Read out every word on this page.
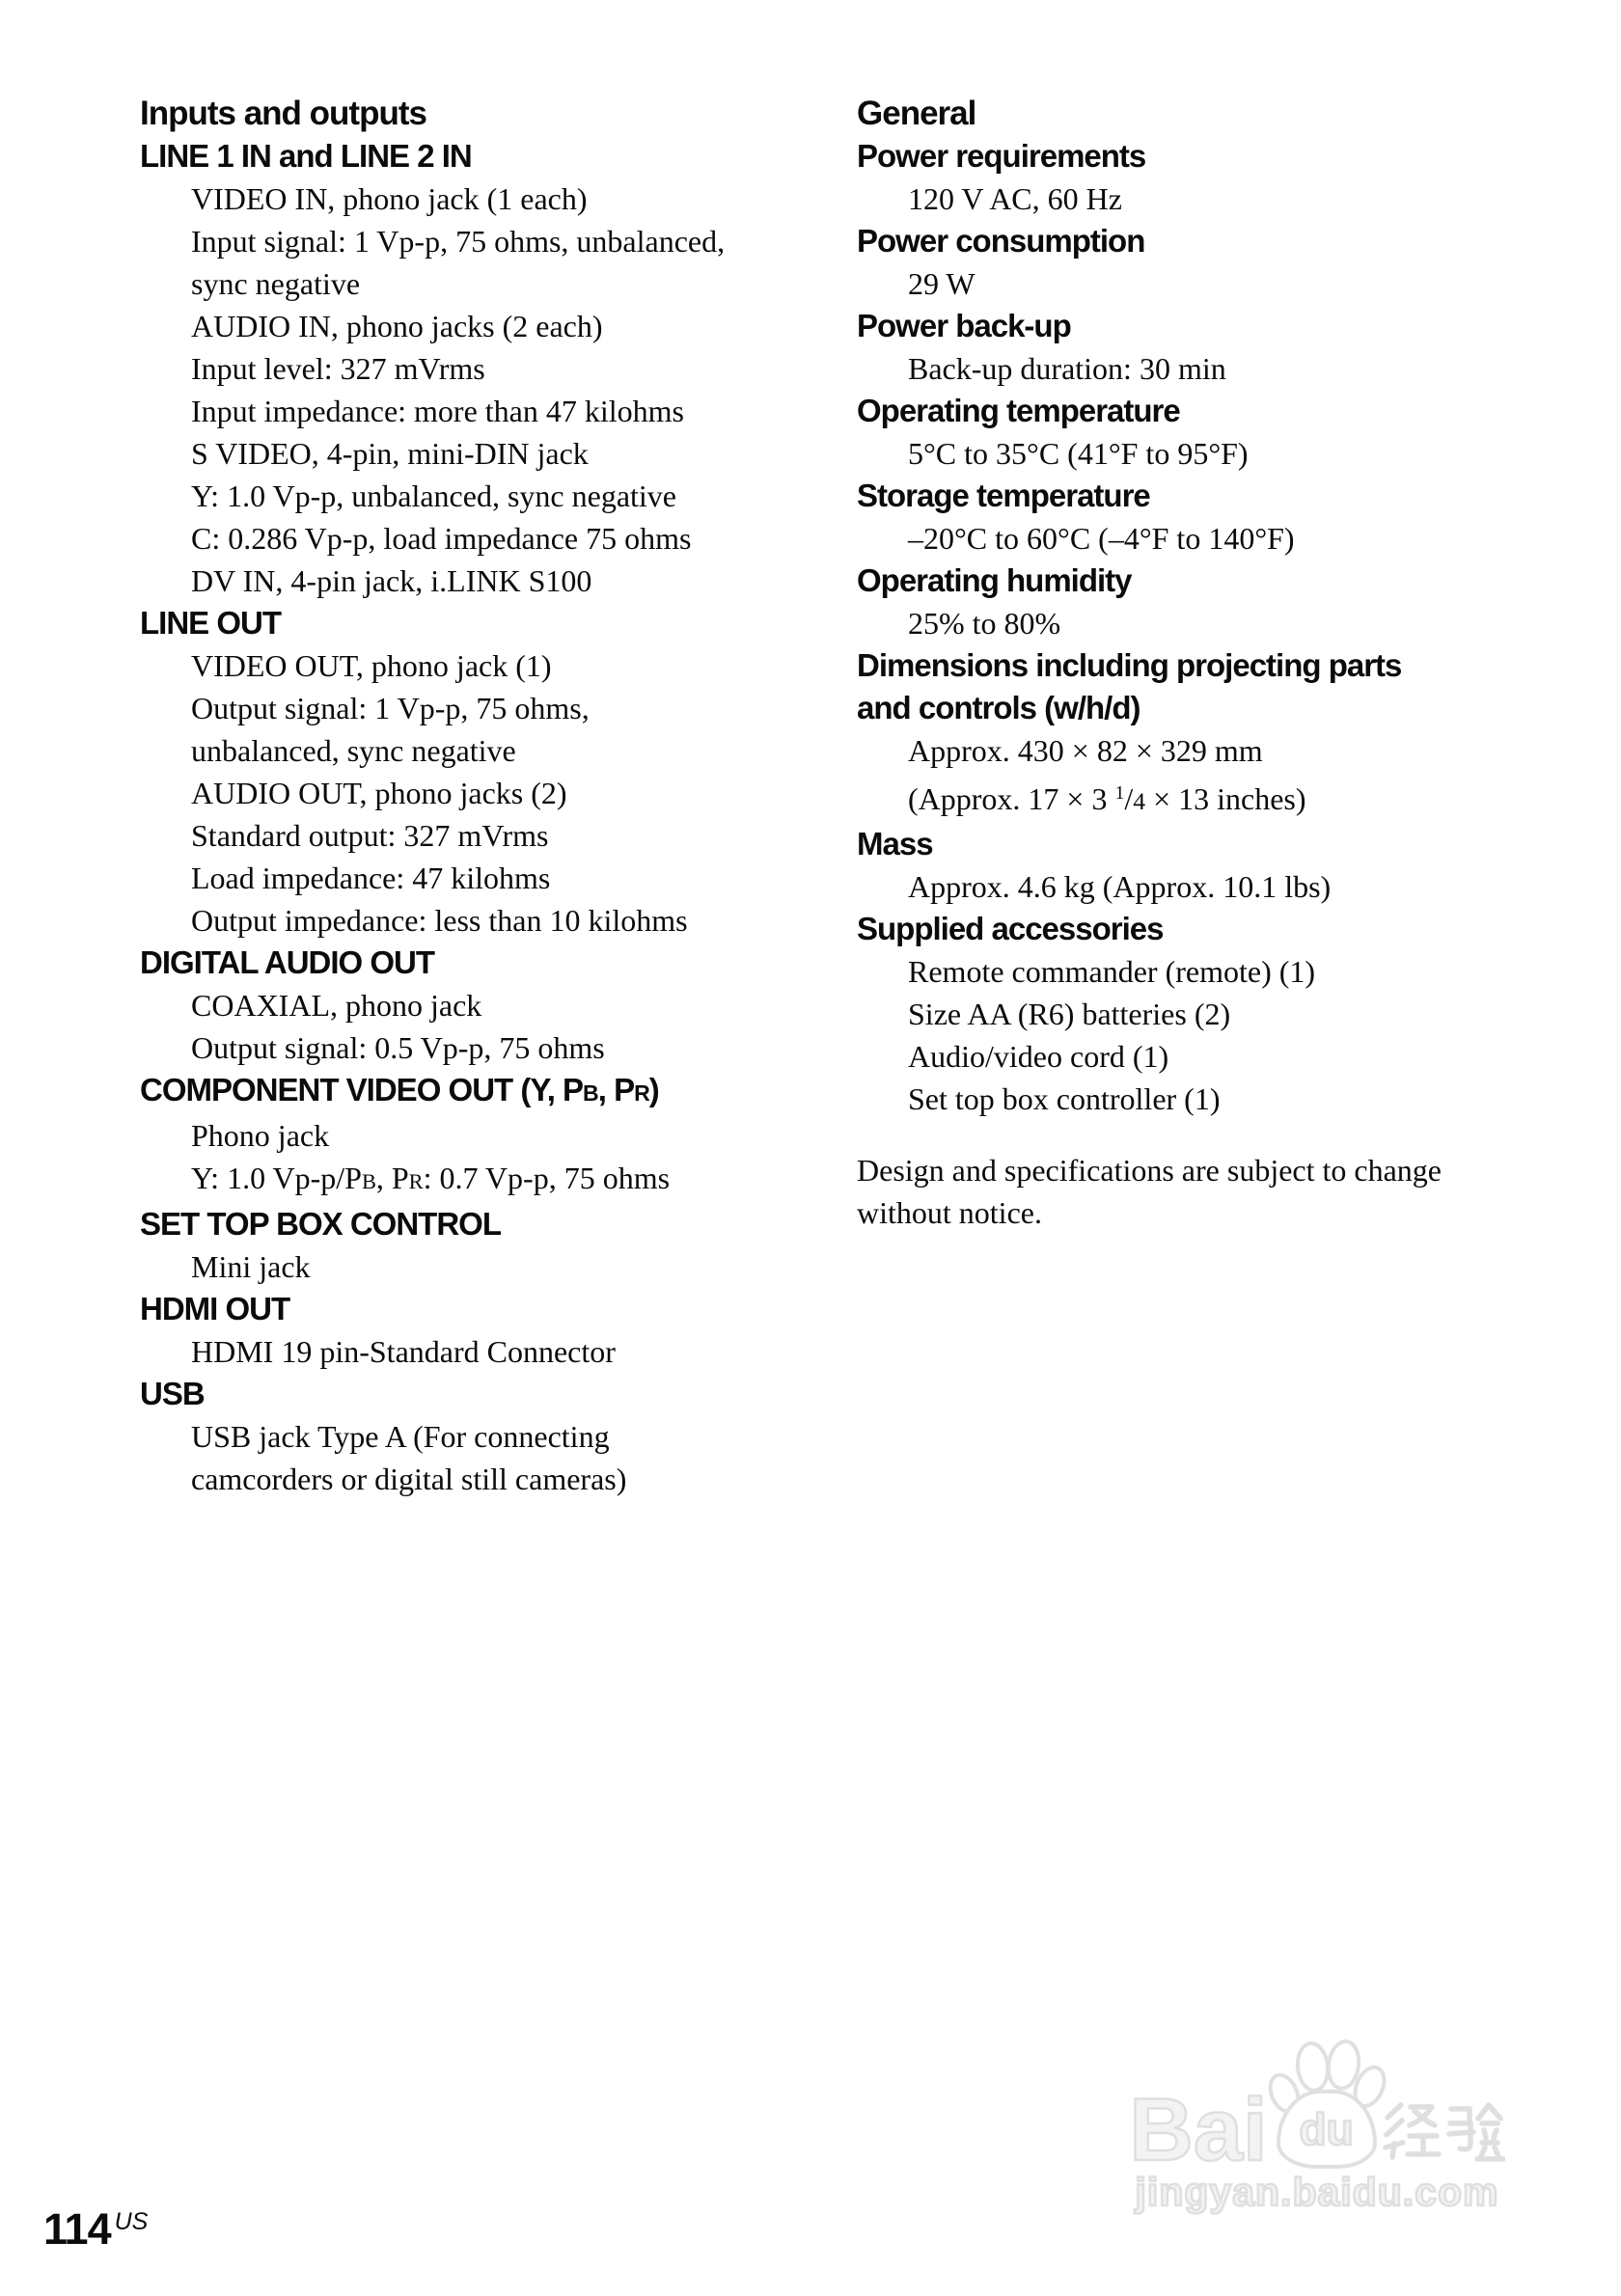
Inputs and outputs
LINE 1 IN and LINE 2 IN
VIDEO IN, phono jack (1 each)
Input signal: 1 Vp-p, 75 ohms, unbalanced,
sync negative
AUDIO IN, phono jacks (2 each)
Input level: 327 mVrms
Input impedance: more than 47 kilohms
S VIDEO, 4-pin, mini-DIN jack
Y: 1.0 Vp-p, unbalanced, sync negative
C: 0.286 Vp-p, load impedance 75 ohms
DV IN, 4-pin jack, i.LINK S100
LINE OUT
VIDEO OUT, phono jack (1)
Output signal: 1 Vp-p, 75 ohms,
unbalanced, sync negative
AUDIO OUT, phono jacks (2)
Standard output: 327 mVrms
Load impedance: 47 kilohms
Output impedance: less than 10 kilohms
DIGITAL AUDIO OUT
COAXIAL, phono jack
Output signal: 0.5 Vp-p, 75 ohms
COMPONENT VIDEO OUT (Y, PB, PR)
Phono jack
Y: 1.0 Vp-p/PB, PR: 0.7 Vp-p, 75 ohms
SET TOP BOX CONTROL
Mini jack
HDMI OUT
HDMI 19 pin-Standard Connector
USB
USB jack Type A (For connecting
camcorders or digital still cameras)
General
Power requirements
120 V AC, 60 Hz
Power consumption
29 W
Power back-up
Back-up duration: 30 min
Operating temperature
5°C to 35°C (41°F to 95°F)
Storage temperature
–20°C to 60°C (–4°F to 140°F)
Operating humidity
25% to 80%
Dimensions including projecting parts
and controls (w/h/d)
Approx. 430 × 82 × 329 mm
(Approx. 17 × 3 $^1$/4 × 13 inches)
Mass
Approx. 4.6 kg (Approx. 10.1 lbs)
Supplied accessories
Remote commander (remote) (1)
Size AA (R6) batteries (2)
Audio/video cord (1)
Set top box controller (1)
Design and specifications are subject to change
without notice.
114 US
Bai du
jingyan.baidu.com
